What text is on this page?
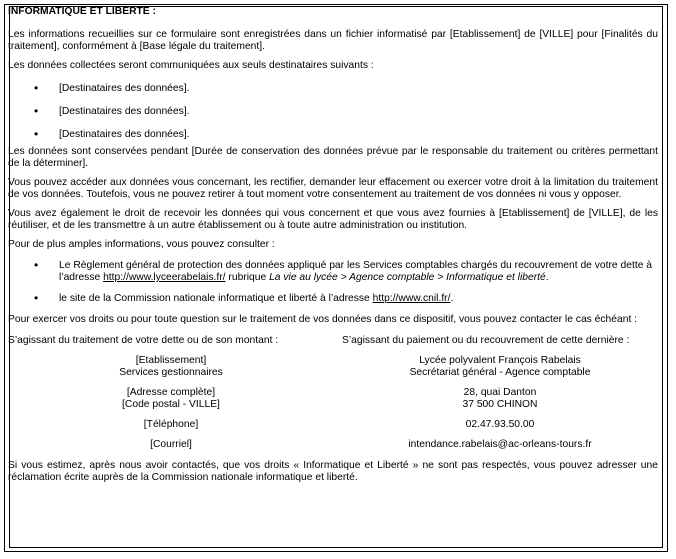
INFORMATIQUE ET LIBERTE :

Les informations recueillies sur ce formulaire sont enregistrées dans un fichier informatisé par [Etablissement] de [VILLE] pour [Finalités du traitement], conformément à [Base légale du traitement].

Les données collectées seront communiquées aux seuls destinataires suivants :

• [Destinataires des données].
• [Destinataires des données].
• [Destinataires des données].

Les données sont conservées pendant [Durée de conservation des données prévue par le responsable du traitement ou critères permettant de la déterminer].

Vous pouvez accéder aux données vous concernant, les rectifier, demander leur effacement ou exercer votre droit à la limitation du traitement de vos données. Toutefois, vous ne pouvez retirer à tout moment votre consentement au traitement de vos données ni vous y opposer.

Vous avez également le droit de recevoir les données qui vous concernent et que vous avez fournies à [Etablissement] de [VILLE], de les réutiliser, et de les transmettre à un autre établissement ou à toute autre administration ou institution.

Pour de plus amples informations, vous pouvez consulter :

• Le Règlement général de protection des données appliqué par les Services comptables chargés du recouvrement de votre dette à l’adresse http://www.lyceerabelais.fr/ rubrique La vie au lycée > Agence comptable > Informatique et liberté.
• le site de la Commission nationale informatique et liberté à l’adresse http://www.cnil.fr/.

Pour exercer vos droits ou pour toute question sur le traitement de vos données dans ce dispositif, vous pouvez contacter le cas échéant :

S’agissant du traitement de votre dette ou de son montant :
[Etablissement]
Services gestionnaires
[Adresse complète]
[Code postal - VILLE]
[Téléphone]
[Courriel]
S’agissant du paiement ou du recouvrement de cette dernière :
Lycée polyvalent François Rabelais
Secrétariat général - Agence comptable
28, quai Danton
37 500 CHINON
02.47.93.50.00
intendance.rabelais@ac-orleans-tours.fr

Si vous estimez, après nous avoir contactés, que vos droits « Informatique et Liberté » ne sont pas respectés, vous pouvez adresser une réclamation écrite auprès de la Commission nationale informatique et liberté.
